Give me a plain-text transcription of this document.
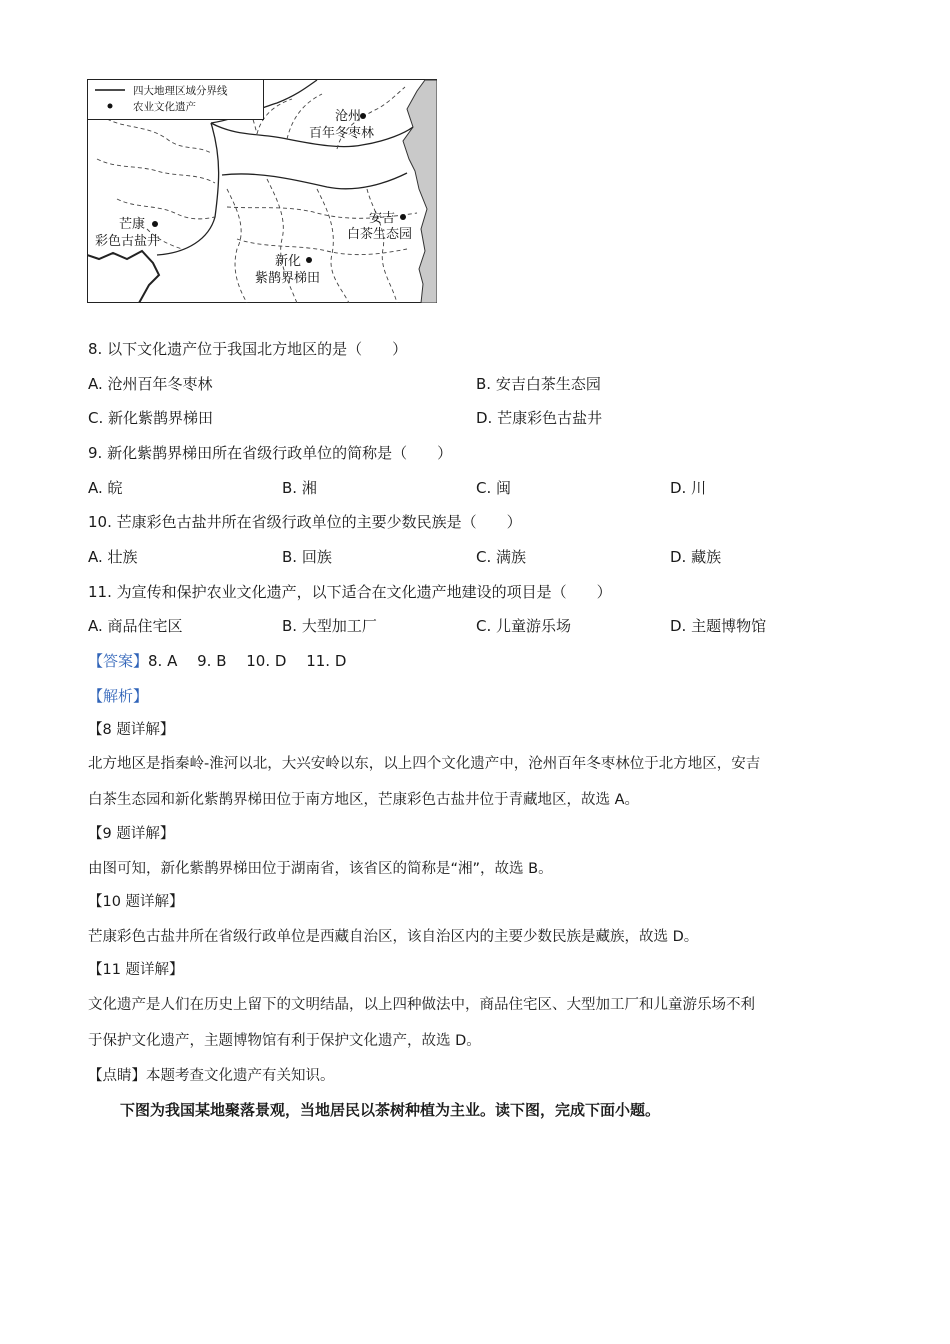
四大地理区域分界线
农业文化遗产
沧州
百年冬枣林
安吉
白茶生态园
芒康
彩色古盐井
新化
紫鹊界梯田
8. 以下文化遗产位于我国北方地区的是（　　）
A. 沧州百年冬枣林	B. 安吉白茶生态园
C. 新化紫鹊界梯田	D. 芒康彩色古盐井
9. 新化紫鹊界梯田所在省级行政单位的简称是（　　）
A. 皖	B. 湘	C. 闽	D. 川
10. 芒康彩色古盐井所在省级行政单位的主要少数民族是（　　）
A. 壮族	B. 回族	C. 满族	D. 藏族
11. 为宣传和保护农业文化遗产，以下适合在文化遗产地建设的项目是（　　）
A. 商品住宅区	B. 大型加工厂	C. 儿童游乐场	D. 主题博物馆
【答案】8. A　 9. B　 10. D　 11. D
【解析】
【8 题详解】
北方地区是指秦岭-淮河以北，大兴安岭以东，以上四个文化遗产中，沧州百年冬枣林位于北方地区，安吉
白茶生态园和新化紫鹊界梯田位于南方地区，芒康彩色古盐井位于青藏地区，故选 A。
【9 题详解】
由图可知，新化紫鹊界梯田位于湖南省，该省区的简称是“湘”，故选 B。
【10 题详解】
芒康彩色古盐井所在省级行政单位是西藏自治区，该自治区内的主要少数民族是藏族，故选 D。
【11 题详解】
文化遗产是人们在历史上留下的文明结晶，以上四种做法中，商品住宅区、大型加工厂和儿童游乐场不利
于保护文化遗产，主题博物馆有利于保护文化遗产，故选 D。
【点睛】本题考查文化遗产有关知识。
下图为我国某地聚落景观，当地居民以茶树种植为主业。读下图，完成下面小题。
